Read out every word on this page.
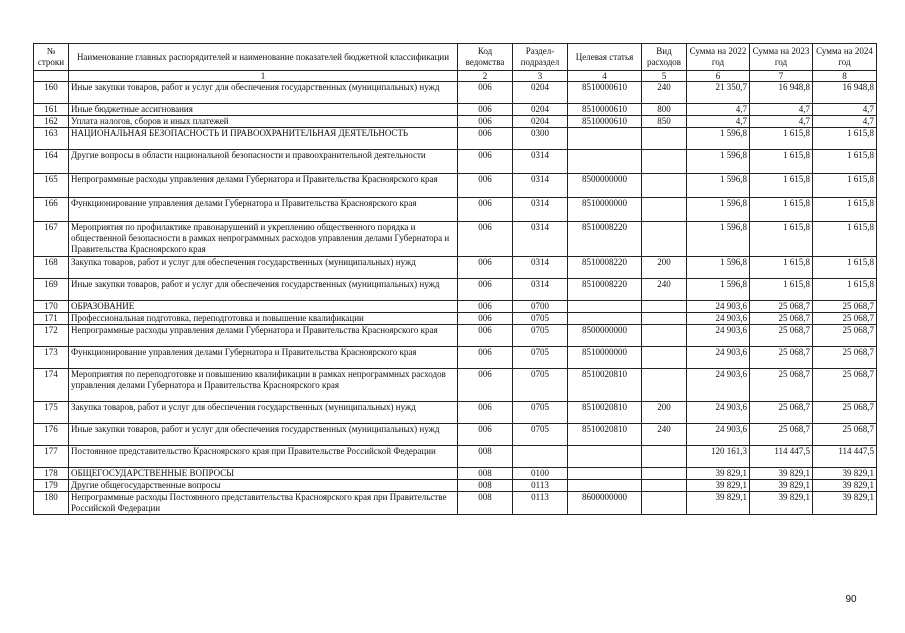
№ строки	Наименование главных распорядителей и наименование показателей бюджетной классификации	Код ведомства	Раздел-подраздел	Целевая статья	Вид расходов	Сумма на 2022 год	Сумма на 2023 год	Сумма на 2024 год
	1	2	3	4	5	6	7	8
160	Иные закупки товаров, работ и услуг для обеспечения государственных (муниципальных) нужд	006	0204	8510000610	240	21 350,7	16 948,8	16 948,8
161	Иные бюджетные ассигнования	006	0204	8510000610	800	4,7	4,7	4,7
162	Уплата налогов, сборов и иных платежей	006	0204	8510000610	850	4,7	4,7	4,7
163	НАЦИОНАЛЬНАЯ БЕЗОПАСНОСТЬ И ПРАВООХРАНИТЕЛЬНАЯ ДЕЯТЕЛЬНОСТЬ	006	0300			1 596,8	1 615,8	1 615,8
164	Другие вопросы в области национальной безопасности и правоохранительной деятельности	006	0314			1 596,8	1 615,8	1 615,8
165	Непрограммные расходы управления делами Губернатора и Правительства Красноярского края	006	0314	8500000000		1 596,8	1 615,8	1 615,8
166	Функционирование управления делами Губернатора и Правительства Красноярского края	006	0314	8510000000		1 596,8	1 615,8	1 615,8
167	Мероприятия по профилактике правонарушений и укреплению общественного порядка и общественной безопасности в рамках непрограммных расходов управления делами Губернатора и Правительства Красноярского края	006	0314	8510008220		1 596,8	1 615,8	1 615,8
168	Закупка товаров, работ и услуг для обеспечения государственных (муниципальных) нужд	006	0314	8510008220	200	1 596,8	1 615,8	1 615,8
169	Иные закупки товаров, работ и услуг для обеспечения государственных (муниципальных) нужд	006	0314	8510008220	240	1 596,8	1 615,8	1 615,8
170	ОБРАЗОВАНИЕ	006	0700			24 903,6	25 068,7	25 068,7
171	Профессиональная подготовка, переподготовка и повышение квалификации	006	0705			24 903,6	25 068,7	25 068,7
172	Непрограммные расходы управления делами Губернатора и Правительства Красноярского края	006	0705	8500000000		24 903,6	25 068,7	25 068,7
173	Функционирование управления делами Губернатора и Правительства Красноярского края	006	0705	8510000000		24 903,6	25 068,7	25 068,7
174	Мероприятия по переподготовке и повышению квалификации в рамках непрограммных расходов управления делами Губернатора и Правительства Красноярского края	006	0705	8510020810		24 903,6	25 068,7	25 068,7
175	Закупка товаров, работ и услуг для обеспечения государственных (муниципальных) нужд	006	0705	8510020810	200	24 903,6	25 068,7	25 068,7
176	Иные закупки товаров, работ и услуг для обеспечения государственных (муниципальных) нужд	006	0705	8510020810	240	24 903,6	25 068,7	25 068,7
177	Постоянное представительство Красноярского края при Правительстве Российской Федерации	008				120 161,3	114 447,5	114 447,5
178	ОБЩЕГОСУДАРСТВЕННЫЕ ВОПРОСЫ	008	0100			39 829,1	39 829,1	39 829,1
179	Другие общегосударственные вопросы	008	0113			39 829,1	39 829,1	39 829,1
180	Непрограммные расходы Постоянного представительства Красноярского края при Правительстве Российской Федерации	008	0113	8600000000		39 829,1	39 829,1	39 829,1
90
